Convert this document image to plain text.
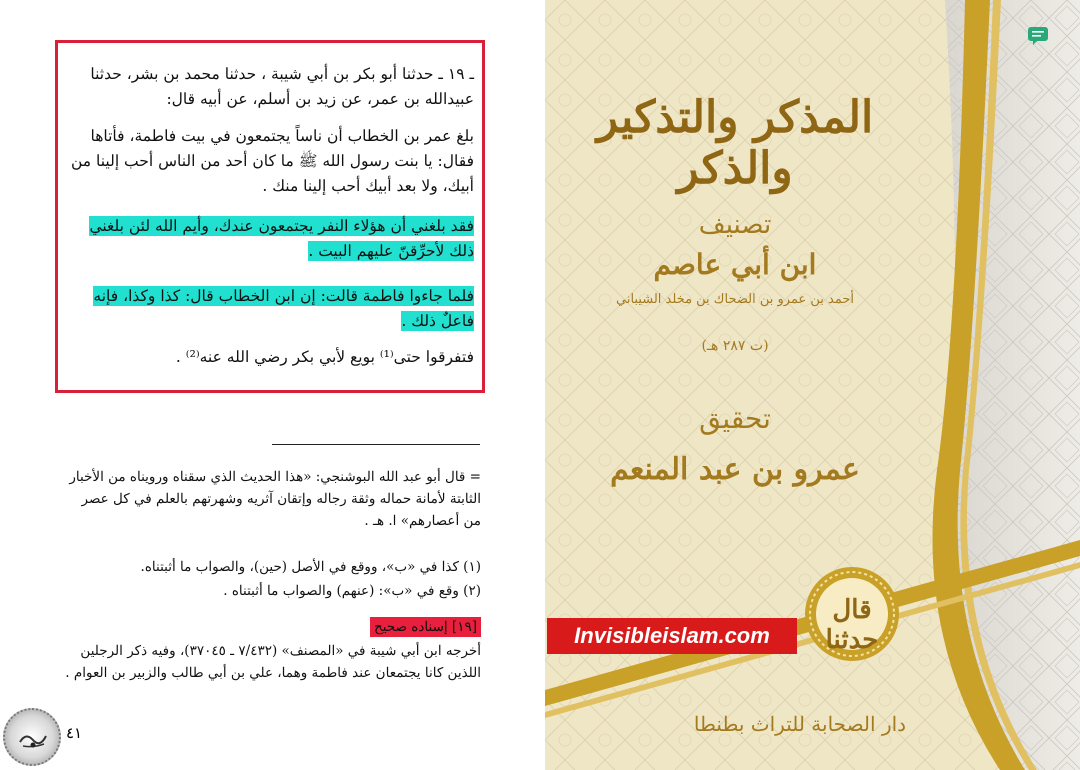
ـ ١٩ ـ حدثنا أبو بكر بن أبي شيبة ، حدثنا محمد بن بشر، حدثنا عبيدالله بن عمر، عن زيد بن أسلم، عن أبيه قال:
بلغ عمر بن الخطاب أن ناساً يجتمعون في بيت فاطمة، فأتاها فقال: يا بنت رسول الله ﷺ ما كان أحد من الناس أحب إلينا من أبيك، ولا بعد أبيك أحب إلينا منك .
فقد بلغني أن هؤلاء النفر يجتمعون عندك، وأيم الله لئن بلغني ذلك لأحرِّقنّ عليهم البيت .
فلما جاءوا فاطمة قالت: إن ابن الخطاب قال: كذا وكذا، فإنه فاعلٌ ذلك .
فتفرقوا حتى⁽¹⁾ بويع لأبي بكر رضي الله عنه⁽²⁾ .
= قال أبو عبد الله البوشنجي: «هذا الحديث الذي سقناه ورويناه من الأخبار الثابتة لأمانة حماله وثقة رجاله وإتقان آثريه وشهرتهم بالعلم في كل عصر من أعصارهم» ا. هـ .
(١) كذا في «ب»، ووقع في الأصل (حين)، والصواب ما أثبتناه.
(٢) وقع في «ب»: (عنهم) والصواب ما أثبتناه .
[١٩] إسناده صحيح
أخرجه ابن أبي شيبة في «المصنف» (٧/٤٣٢ ـ ٣٧٠٤٥)، وفيه ذكر الرجلين اللذين كانا يجتمعان عند فاطمة وهما، علي بن أبي طالب والزبير بن العوام .
٤١
المذكر والتذكير والذكر
تصنيف
ابن أبي عاصم
أحمد بن عمرو بن الضحاك بن مخلد الشيباني
(ت ٢٨٧ هـ)
تحقيق
عمرو بن عبد المنعم
قال حدثنا
Invisibleislam.com
دار الصحابة للتراث بطنطا
